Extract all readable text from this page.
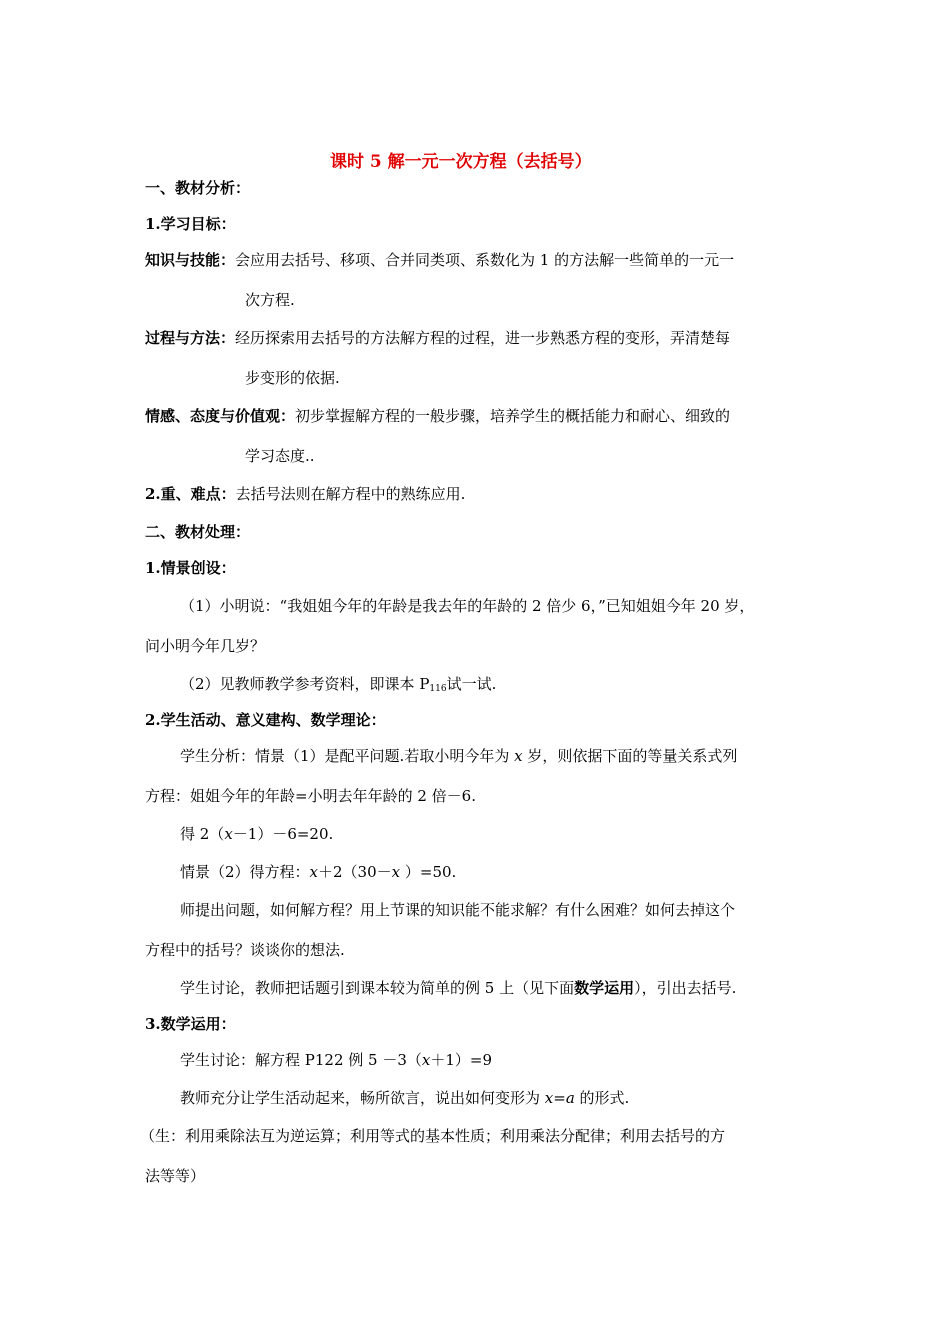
课时 5 解一元一次方程（去括号）
一、教材分析：
1.学习目标：
知识与技能：会应用去括号、移项、合并同类项、系数化为 1 的方法解一些简单的一元一
次方程.
过程与方法：经历探索用去括号的方法解方程的过程，进一步熟悉方程的变形，弄清楚每
步变形的依据.
情感、态度与价值观：初步掌握解方程的一般步骤，培养学生的概括能力和耐心、细致的
学习态度..
2.重、难点：去括号法则在解方程中的熟练应用.
二、教材处理：
1.情景创设：
（1）小明说：“我姐姐今年的年龄是我去年的年龄的 2 倍少 6，”已知姐姐今年 20 岁，
问小明今年几岁？
（2）见教师教学参考资料，即课本 $P_{116}$试一试.
2.学生活动、意义建构、数学理论：
学生分析：情景（1）是配平问题.若取小明今年为 x 岁，则依据下面的等量关系式列
方程：姐姐今年的年龄=小明去年年龄的 2 倍－6.
得 2（x－1）－6=20.
情景（2）得方程：x＋2（30－x ）=50.
师提出问题，如何解方程？用上节课的知识能不能求解？有什么困难？如何去掉这个
方程中的括号？谈谈你的想法.
学生讨论，教师把话题引到课本较为简单的例 5 上（见下面数学运用），引出去括号.
3.数学运用：
学生讨论：解方程 P122 例 5 －3（x＋1）=9
教师充分让学生活动起来，畅所欲言，说出如何变形为 x=a 的形式.
（生：利用乘除法互为逆运算；利用等式的基本性质；利用乘法分配律；利用去括号的方
法等等）
